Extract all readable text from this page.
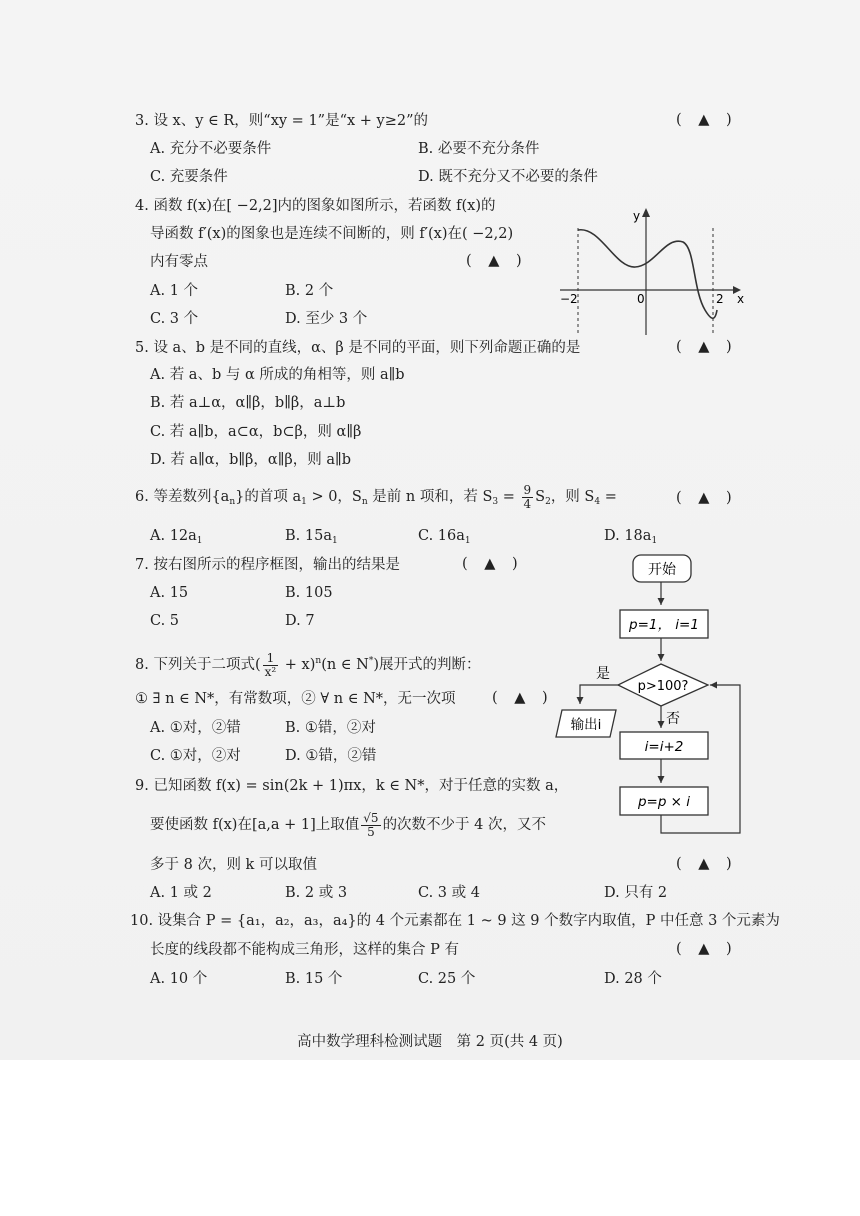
3. 设 x、y ∈ R，则“xy = 1”是“x + y≥2”的	( ▲ )
A. 充分不必要条件	B. 必要不充分条件
C. 充要条件	D. 既不充分又不必要的条件
4. 函数 f(x)在[ −2,2]内的图象如图所示，若函数 f(x)的
导函数 f′(x)的图象也是连续不间断的，则 f′(x)在( −2,2)
内有零点	( ▲ )
A. 1 个	B. 2 个
C. 3 个	D. 至少 3 个
y
x
−2	0	2
5. 设 a、b 是不同的直线，α、β 是不同的平面，则下列命题正确的是	( ▲ )
A. 若 a、b 与 α 所成的角相等，则 a∥b
B. 若 a⊥α，α∥β，b∥β，a⊥b
C. 若 a∥b，a⊂α，b⊂β，则 α∥β
D. 若 a∥α，b∥β，α∥β，则 a∥b
6. 等差数列$\{a_n\}$的首项 $a_1 > 0$，$S_n$ 是前 n 项和，若 $S_3 = \frac{9}{4} S_2$，则 $S_4$ =	( ▲ )
A. $12a_1$	B. $15a_1$	C. $16a_1$	D. $18a_1$
7. 按右图所示的程序框图，输出的结果是	( ▲ )
A. 15	B. 105
C. 5	D. 7
开始
p=1， i=1
p>100?
是
否
输出i
i=i+2
p=p × i
8. 下列关于二项式( $\frac{1}{\text{x²}} + x)^n(n$ ∈ N*)展开式的判断：
① ∃ n ∈ N*，有常数项，② ∀ n ∈ N*，无一次项	( ▲ )
A. ①对，②错	B. ①错，②对
C. ①对，②对	D. ①错，②错
9. 已知函数 f(x) = sin(2k + 1)πx，k ∈ N*，对于任意的实数 a，
要使函数 f(x)在[a,a + 1]上取值 $\frac{√5}{5}$ 的次数不少于 4 次，又不
多于 8 次，则 k 可以取值	( ▲ )
A. 1 或 2	B. 2 或 3	C. 3 或 4	D. 只有 2
10. 设集合 P = {a₁，a₂，a₃，a₄}的 4 个元素都在 1 ~ 9 这 9 个数字内取值，P 中任意 3 个元素为
长度的线段都不能构成三角形，这样的集合 P 有	( ▲ )
A. 10 个	B. 15 个	C. 25 个	D. 28 个
高中数学理科检测试题　第 2 页(共 4 页)
